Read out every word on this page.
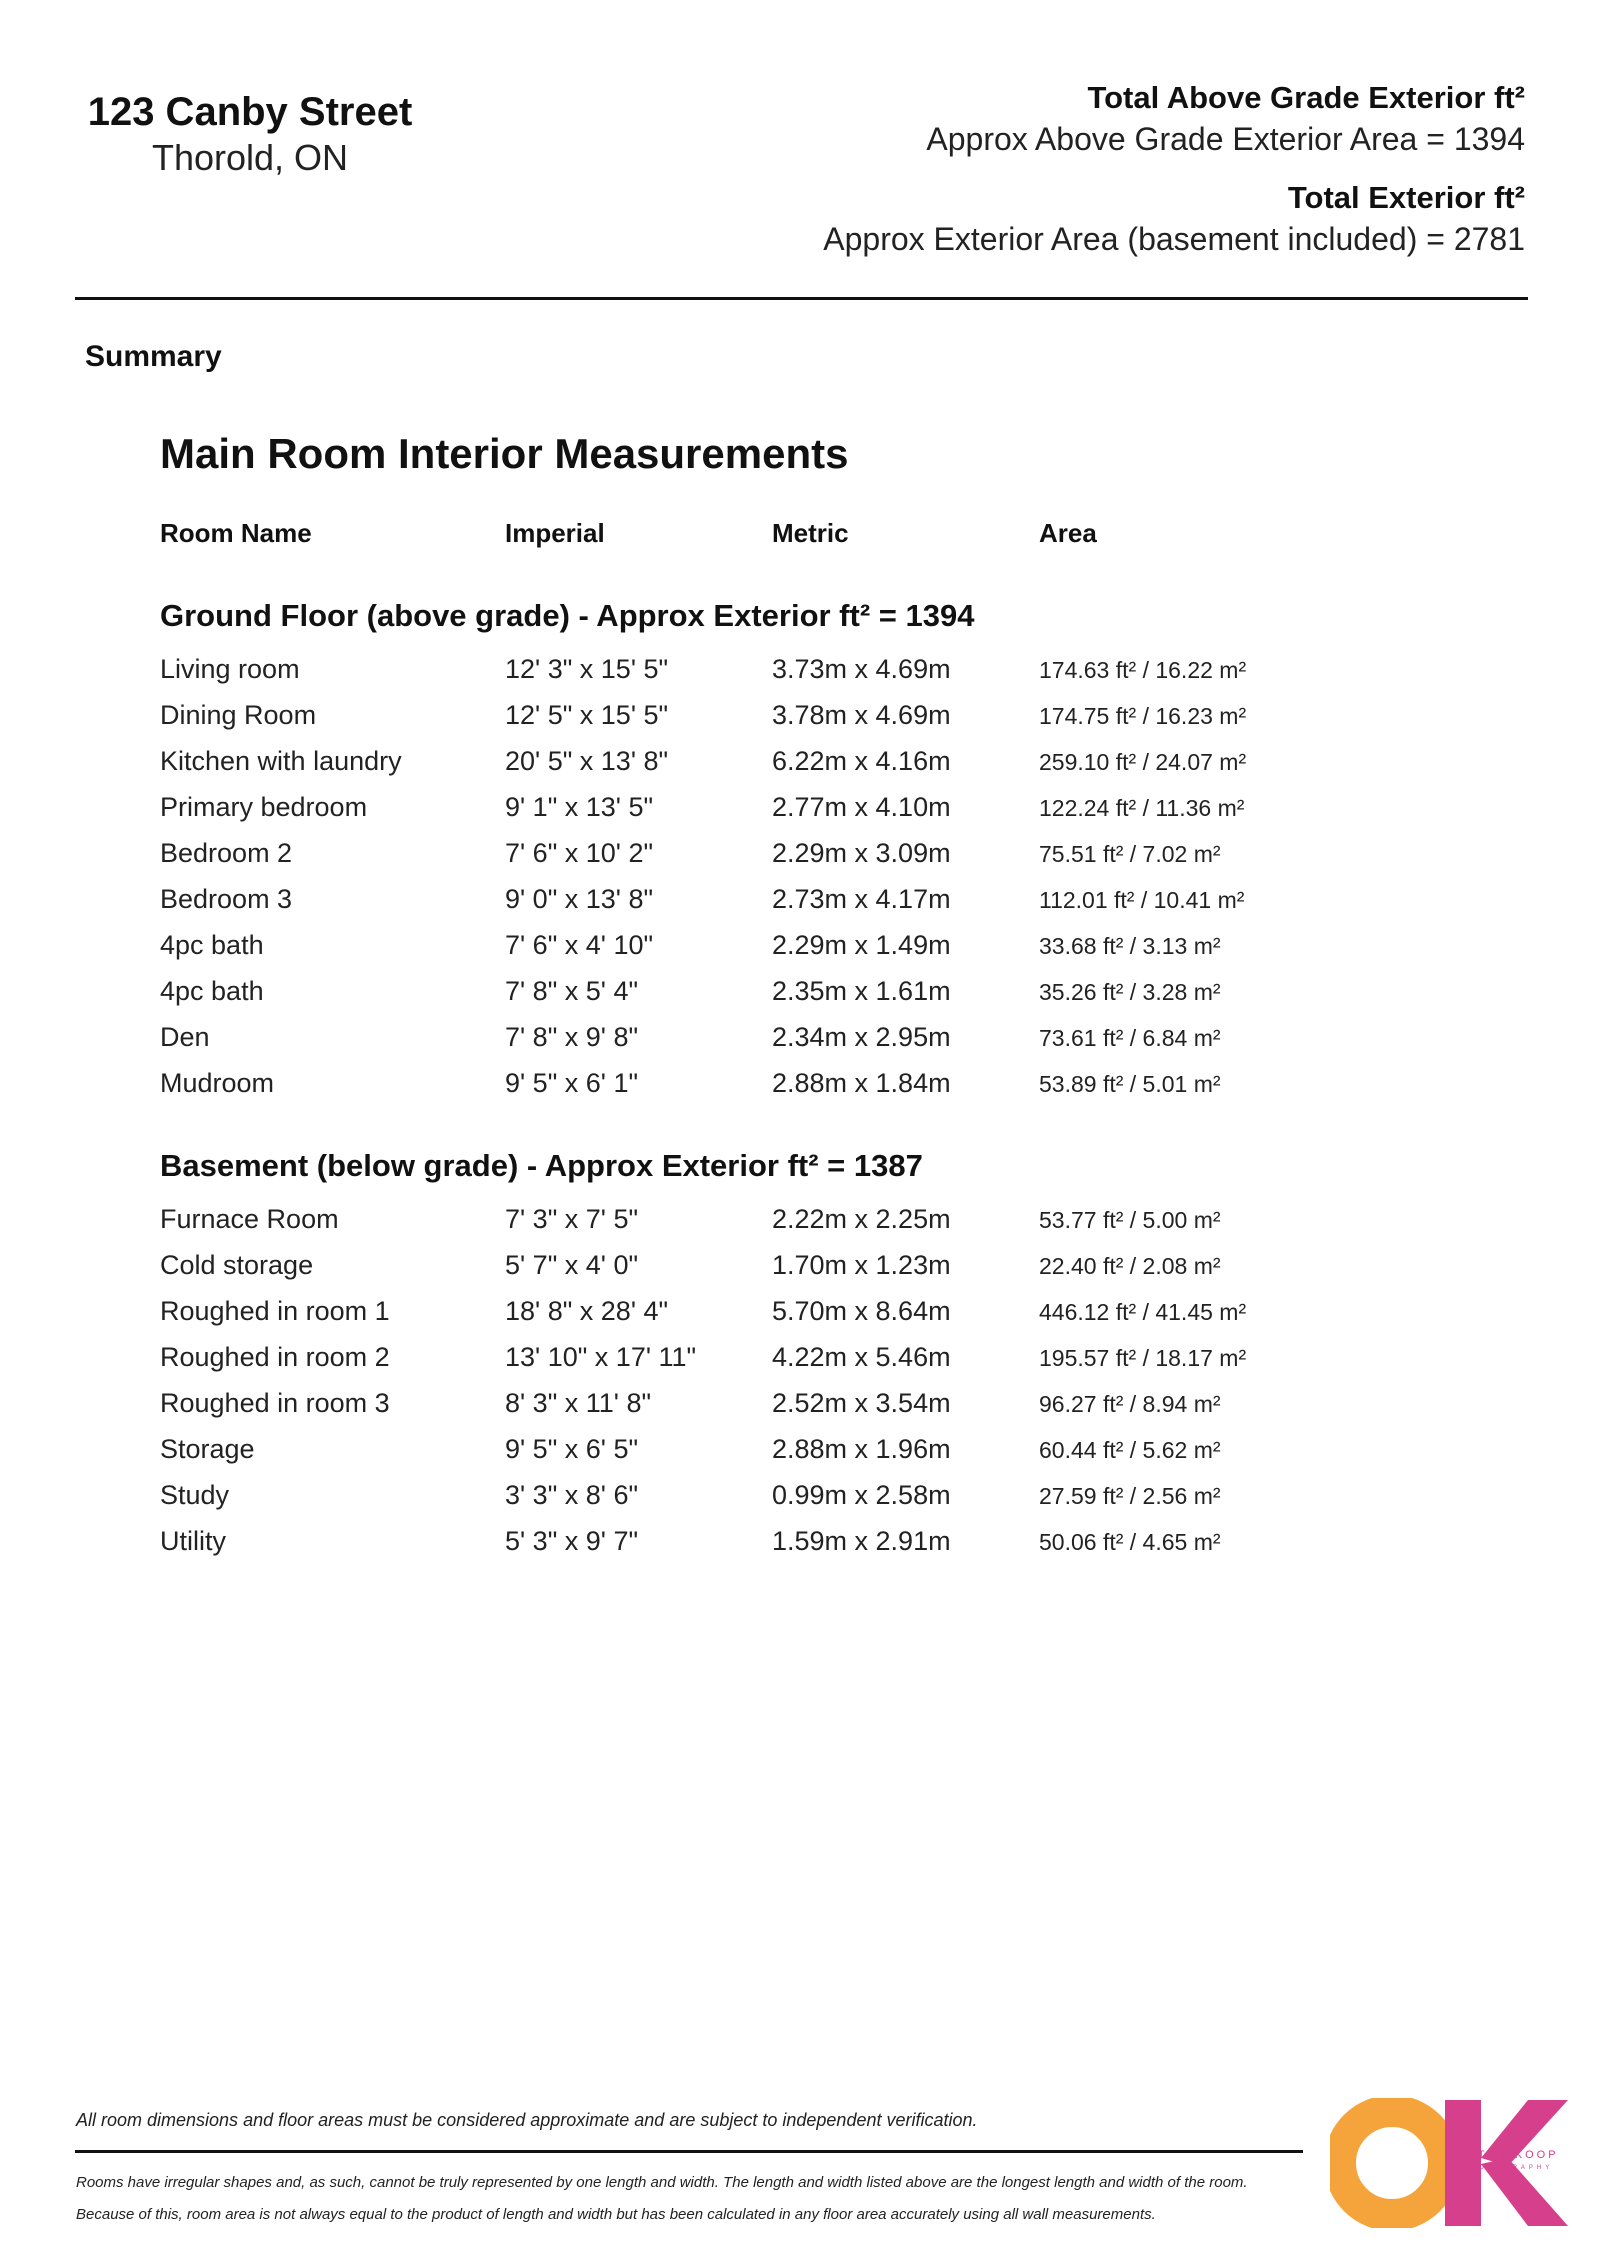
123 Canby Street
Thorold, ON
Total Above Grade Exterior ft²
Approx Above Grade Exterior Area = 1394
Total Exterior ft²
Approx Exterior Area (basement included) = 2781
Summary
Main Room Interior Measurements
Room Name	Imperial	Metric	Area
Ground Floor (above grade) - Approx Exterior ft² = 1394
Living room	12' 3" x 15' 5"	3.73m x 4.69m	174.63 ft² / 16.22 m²
Dining Room	12' 5" x 15' 5"	3.78m x 4.69m	174.75 ft² / 16.23 m²
Kitchen with laundry	20' 5" x 13' 8"	6.22m x 4.16m	259.10 ft² / 24.07 m²
Primary bedroom	9' 1" x 13' 5"	2.77m x 4.10m	122.24 ft² / 11.36 m²
Bedroom 2	7' 6" x 10' 2"	2.29m x 3.09m	75.51 ft² / 7.02 m²
Bedroom 3	9' 0" x 13' 8"	2.73m x 4.17m	112.01 ft² / 10.41 m²
4pc bath	7' 6" x 4' 10"	2.29m x 1.49m	33.68 ft² / 3.13 m²
4pc bath	7' 8" x 5' 4"	2.35m x 1.61m	35.26 ft² / 3.28 m²
Den	7' 8" x 9' 8"	2.34m x 2.95m	73.61 ft² / 6.84 m²
Mudroom	9' 5" x 6' 1"	2.88m x 1.84m	53.89 ft² / 5.01 m²
Basement (below grade) - Approx Exterior ft² = 1387
Furnace Room	7' 3" x 7' 5"	2.22m x 2.25m	53.77 ft² / 5.00 m²
Cold storage	5' 7" x 4' 0"	1.70m x 1.23m	22.40 ft² / 2.08 m²
Roughed in room 1	18' 8" x 28' 4"	5.70m x 8.64m	446.12 ft² / 41.45 m²
Roughed in room 2	13' 10" x 17' 11"	4.22m x 5.46m	195.57 ft² / 18.17 m²
Roughed in room 3	8' 3" x 11' 8"	2.52m x 3.54m	96.27 ft² / 8.94 m²
Storage	9' 5" x 6' 5"	2.88m x 1.96m	60.44 ft² / 5.62 m²
Study	3' 3" x 8' 6"	0.99m x 2.58m	27.59 ft² / 2.56 m²
Utility	5' 3" x 9' 7"	1.59m x 2.91m	50.06 ft² / 4.65 m²
All room dimensions and floor areas must be considered approximate and are subject to independent verification.
Rooms have irregular shapes and, as such, cannot be truly represented by one length and width. The length and width listed above are the longest length and width of the room.
Because of this, room area is not always equal to the product of length and width but has been calculated in any floor area accurately using all wall measurements.
CATHY KOOP
PHOTOGRAPHY
